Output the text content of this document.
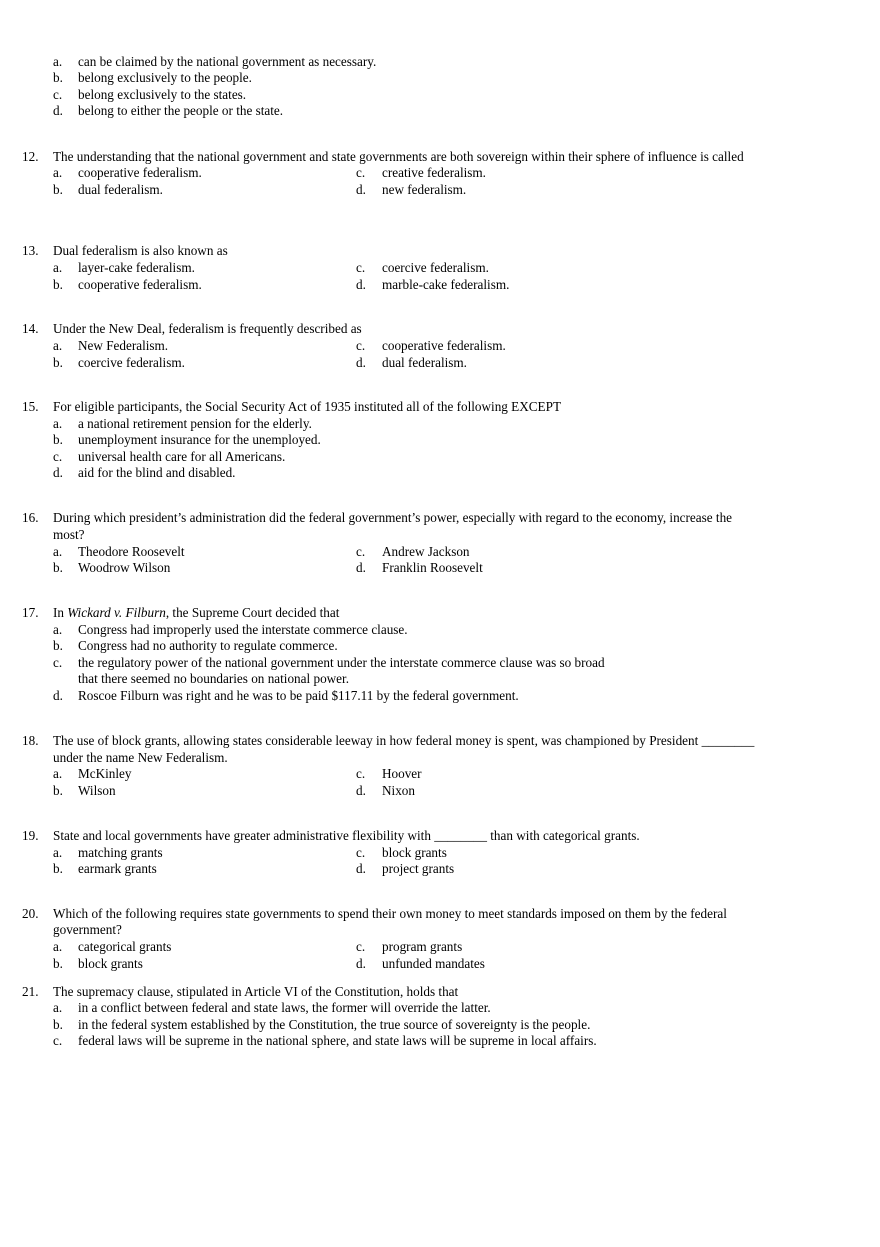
a. can be claimed by the national government as necessary.
b. belong exclusively to the people.
c. belong exclusively to the states.
d. belong to either the people or the state.
12. The understanding that the national government and state governments are both sovereign within their sphere of influence is called
a. cooperative federalism.	c. creative federalism.
b. dual federalism.	d. new federalism.
13. Dual federalism is also known as
a. layer-cake federalism.	c. coercive federalism.
b. cooperative federalism.	d. marble-cake federalism.
14. Under the New Deal, federalism is frequently described as
a. New Federalism.	c. cooperative federalism.
b. coercive federalism.	d. dual federalism.
15. For eligible participants, the Social Security Act of 1935 instituted all of the following EXCEPT
a. a national retirement pension for the elderly.
b. unemployment insurance for the unemployed.
c. universal health care for all Americans.
d. aid for the blind and disabled.
16. During which president’s administration did the federal government’s power, especially with regard to the economy, increase the
most?
a. Theodore Roosevelt	c. Andrew Jackson
b. Woodrow Wilson	d. Franklin Roosevelt
17. In Wickard v. Filburn, the Supreme Court decided that
a. Congress had improperly used the interstate commerce clause.
b. Congress had no authority to regulate commerce.
c. the regulatory power of the national government under the interstate commerce clause was so broad
that there seemed no boundaries on national power.
d. Roscoe Filburn was right and he was to be paid $117.11 by the federal government.
18. The use of block grants, allowing states considerable leeway in how federal money is spent, was championed by President ________
under the name New Federalism.
a. McKinley	c. Hoover
b. Wilson	d. Nixon
19. State and local governments have greater administrative flexibility with ________ than with categorical grants.
a. matching grants	c. block grants
b. earmark grants	d. project grants
20. Which of the following requires state governments to spend their own money to meet standards imposed on them by the federal
government?
a. categorical grants	c. program grants
b. block grants	d. unfunded mandates
21. The supremacy clause, stipulated in Article VI of the Constitution, holds that
a. in a conflict between federal and state laws, the former will override the latter.
b. in the federal system established by the Constitution, the true source of sovereignty is the people.
c. federal laws will be supreme in the national sphere, and state laws will be supreme in local affairs.
